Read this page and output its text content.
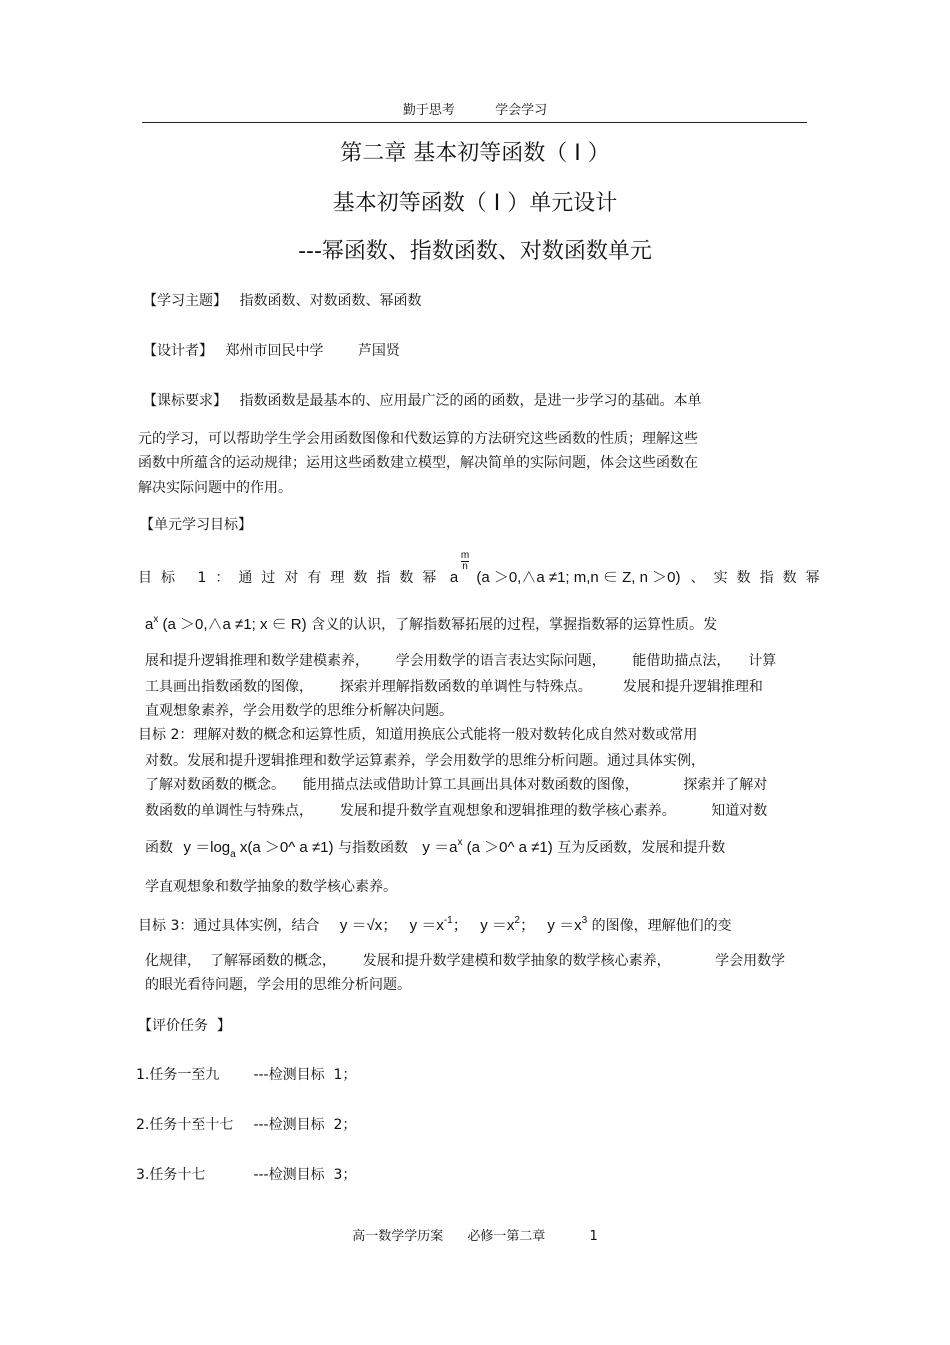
勤于思考	学会学习
第二章 基本初等函数（ Ⅰ ）
基本初等函数（ Ⅰ ）单元设计
---幂函数、指数函数、对数函数单元
【学习主题】 指数函数、对数函数、幂函数
【设计者】 郑州市回民中学 芦国贤
【课标要求】 指数函数是最基本的、应用最广泛的函的函数，是进一步学习的基础。本单
元的学习，可以帮助学生学会用函数图像和代数运算的方法研究这些函数的性质；理解这些
函数中所蕴含的运动规律；运用这些函数建立模型，解决简单的实际问题，体会这些函数在
解决实际问题中的作用。
【单元学习目标】
目标 1：通过对有理数指数幂 a
m
n
(a ＞0,∧a ≠1; m,n ∈ Z, n ＞0) 、实数指数幂
$a^x$ (a ＞0,∧a ≠1; x ∈ R) 含义的认识，了解指数幂拓展的过程，掌握指数幂的运算性质。发
展和提升逻辑推理和数学建模素养，      学会用数学的语言表达实际问题，      能借助描点法，    计算
工具画出指数函数的图像，      探索并理解指数函数的单调性与特殊点。       发展和提升逻辑推理和
直观想象素养，学会用数学的思维分析解决问题。
目标 2：理解对数的概念和运算性质，知道用换底公式能将一般对数转化成自然对数或常用
对数。发展和提升逻辑推理和数学运算素养，学会用数学的思维分析问题。通过具体实例，
了解对数函数的概念。    能用描点法或借助计算工具画出具体对数函数的图像，          探索并了解对
数函数的单调性与特殊点，      发展和提升数学直观想象和逻辑推理的数学核心素养。        知道对数
函数 $y =\log_a$ x(a ＞0^ a ≠1) 与指数函数 $y =a^x$ (a ＞0^ a ≠1) 互为反函数，发展和提升数
学直观想象和数学抽象的数学核心素养。
目标 3：通过具体实例，结合 y ＝√x； $y =x^{-1}$； $y =x^2$； $y =x^3$ 的图像，理解他们的变
化规律，  了解幂函数的概念，      发展和提升数学建模和数学抽象的数学核心素养，          学会用数学
的眼光看待问题，学会用的思维分析问题。
【评价任务  】
1.任务一至九 ---检测目标  1；
2.任务十至十七 ---检测目标  2；
3.任务十七	---检测目标  3；
高一数学学历案 必修一第二章	1
